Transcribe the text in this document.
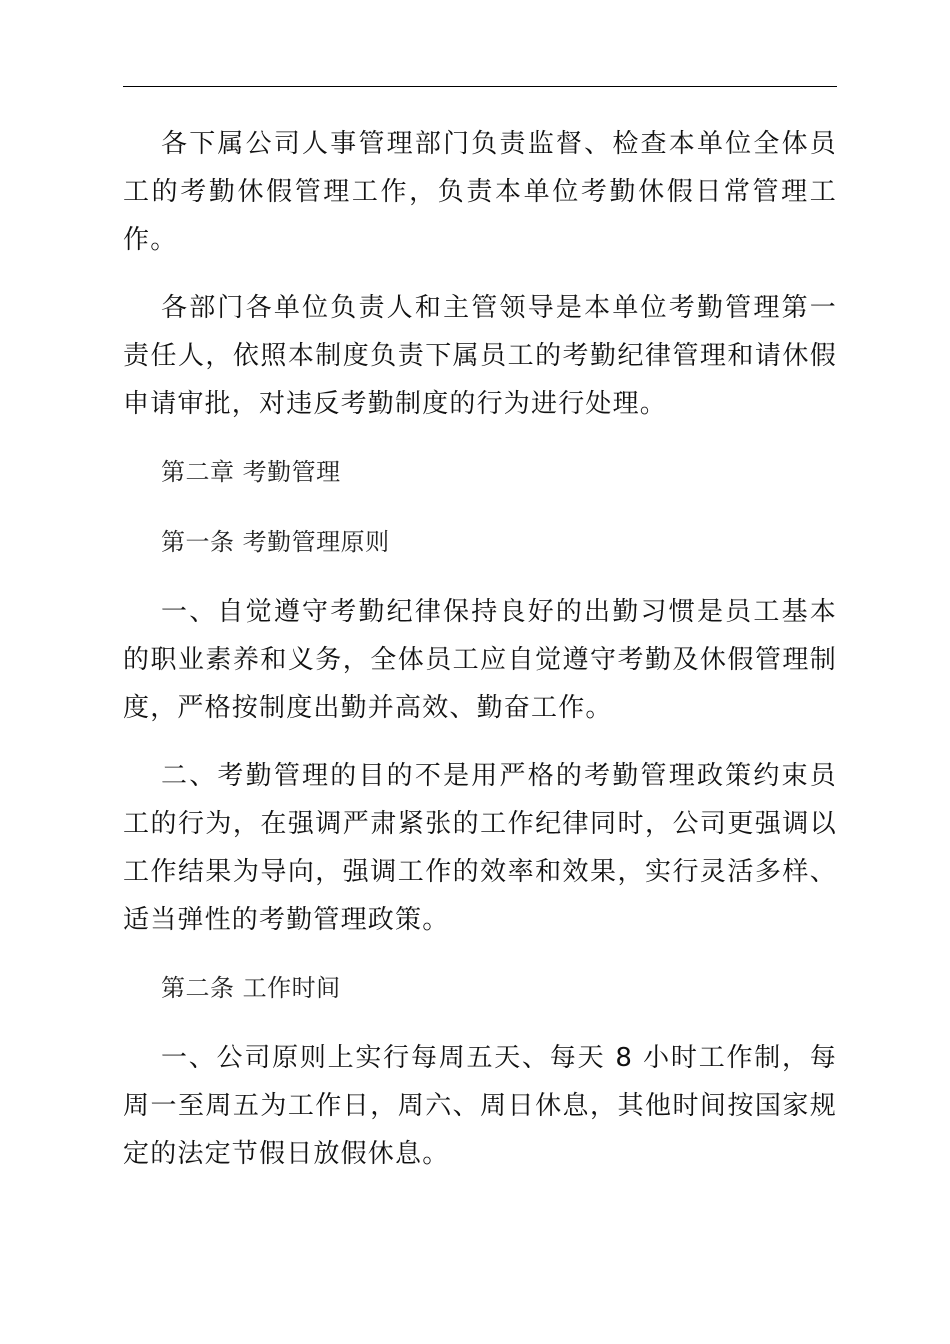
各下属公司人事管理部门负责监督、检查本单位全体员工的考勤休假管理工作，负责本单位考勤休假日常管理工作。

各部门各单位负责人和主管领导是本单位考勤管理第一责任人，依照本制度负责下属员工的考勤纪律管理和请休假申请审批，对违反考勤制度的行为进行处理。

第二章 考勤管理

第一条 考勤管理原则

一、自觉遵守考勤纪律保持良好的出勤习惯是员工基本的职业素养和义务，全体员工应自觉遵守考勤及休假管理制度，严格按制度出勤并高效、勤奋工作。

二、考勤管理的目的不是用严格的考勤管理政策约束员工的行为，在强调严肃紧张的工作纪律同时，公司更强调以工作结果为导向，强调工作的效率和效果，实行灵活多样、适当弹性的考勤管理政策。

第二条 工作时间

一、公司原则上实行每周五天、每天 8 小时工作制，每周一至周五为工作日，周六、周日休息，其他时间按国家规定的法定节假日放假休息。
